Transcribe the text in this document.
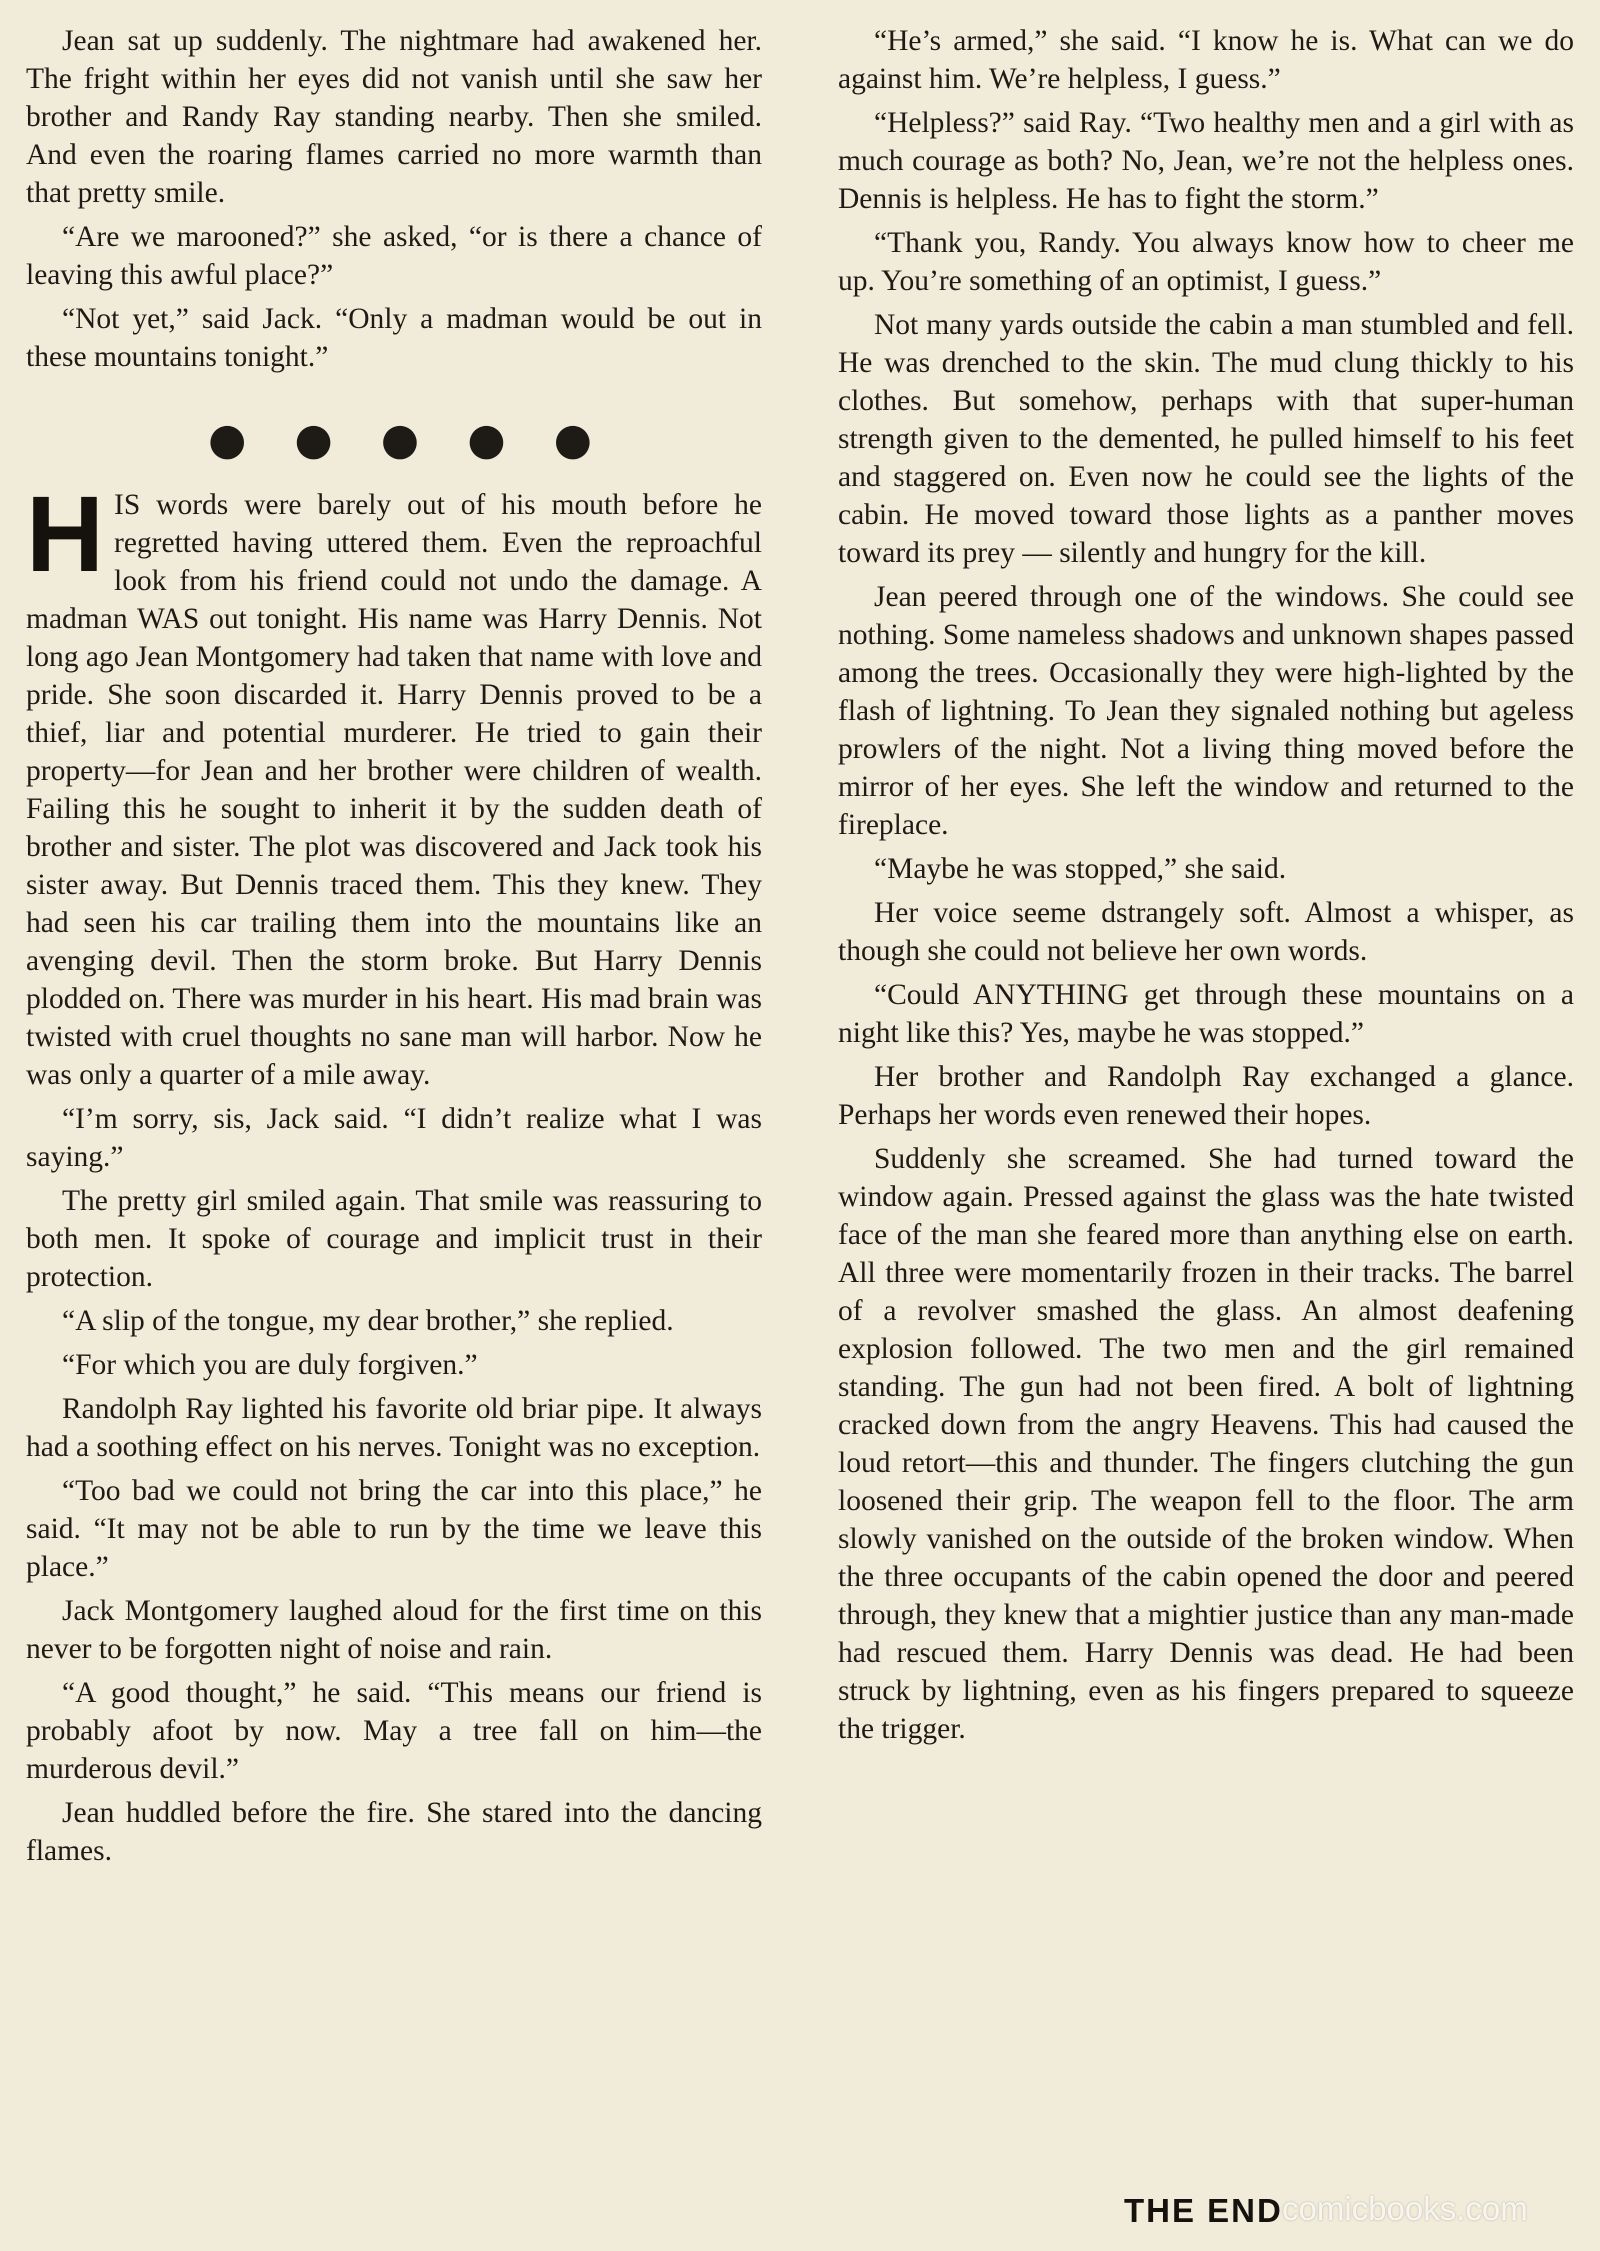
Jean sat up suddenly. The nightmare had awakened her. The fright within her eyes did not vanish until she saw her brother and Randy Ray standing nearby. Then she smiled. And even the roaring flames carried no more warmth than that pretty smile.

“Are we marooned?” she asked, “or is there a chance of leaving this awful place?”

“Not yet,” said Jack. “Only a madman would be out in these mountains tonight.”

●●●●●

HIS words were barely out of his mouth before he regretted having uttered them. Even the reproachful look from his friend could not undo the damage. A madman WAS out tonight. His name was Harry Dennis. Not long ago Jean Montgomery had taken that name with love and pride. She soon discarded it. Harry Dennis proved to be a thief, liar and potential murderer. He tried to gain their property—for Jean and her brother were children of wealth. Failing this he sought to inherit it by the sudden death of brother and sister. The plot was discovered and Jack took his sister away. But Dennis traced them. This they knew. They had seen his car trailing them into the mountains like an avenging devil. Then the storm broke. But Harry Dennis plodded on. There was murder in his heart. His mad brain was twisted with cruel thoughts no sane man will harbor. Now he was only a quarter of a mile away.

“I’m sorry, sis, Jack said. “I didn’t realize what I was saying.”

The pretty girl smiled again. That smile was reassuring to both men. It spoke of courage and implicit trust in their protection.

“A slip of the tongue, my dear brother,” she replied.

“For which you are duly forgiven.”

Randolph Ray lighted his favorite old briar pipe. It always had a soothing effect on his nerves. Tonight was no exception.

“Too bad we could not bring the car into this place,” he said. “It may not be able to run by the time we leave this place.”

Jack Montgomery laughed aloud for the first time on this never to be forgotten night of noise and rain.

“A good thought,” he said. “This means our friend is probably afoot by now. May a tree fall on him—the murderous devil.”

Jean huddled before the fire. She stared into the dancing flames.

“He’s armed,” she said. “I know he is. What can we do against him. We’re helpless, I guess.”

“Helpless?” said Ray. “Two healthy men and a girl with as much courage as both? No, Jean, we’re not the helpless ones. Dennis is helpless. He has to fight the storm.”

“Thank you, Randy. You always know how to cheer me up. You’re something of an optimist, I guess.”

Not many yards outside the cabin a man stumbled and fell. He was drenched to the skin. The mud clung thickly to his clothes. But somehow, perhaps with that super-human strength given to the demented, he pulled himself to his feet and staggered on. Even now he could see the lights of the cabin. He moved toward those lights as a panther moves toward its prey — silently and hungry for the kill.

Jean peered through one of the windows. She could see nothing. Some nameless shadows and unknown shapes passed among the trees. Occasionally they were high-lighted by the flash of lightning. To Jean they signaled nothing but ageless prowlers of the night. Not a living thing moved before the mirror of her eyes. She left the window and returned to the fireplace.

“Maybe he was stopped,” she said.

Her voice seeme dstrangely soft. Almost a whisper, as though she could not believe her own words.

“Could ANYTHING get through these mountains on a night like this? Yes, maybe he was stopped.”

Her brother and Randolph Ray exchanged a glance. Perhaps her words even renewed their hopes.

Suddenly she screamed. She had turned toward the window again. Pressed against the glass was the hate twisted face of the man she feared more than anything else on earth. All three were momentarily frozen in their tracks. The barrel of a revolver smashed the glass. An almost deafening explosion followed. The two men and the girl remained standing. The gun had not been fired. A bolt of lightning cracked down from the angry Heavens. This had caused the loud retort—this and thunder. The fingers clutching the gun loosened their grip. The weapon fell to the floor. The arm slowly vanished on the outside of the broken window. When the three occupants of the cabin opened the door and peered through, they knew that a mightier justice than any man-made had rescued them. Harry Dennis was dead. He had been struck by lightning, even as his fingers prepared to squeeze the trigger.

THE END comicbooks.com
